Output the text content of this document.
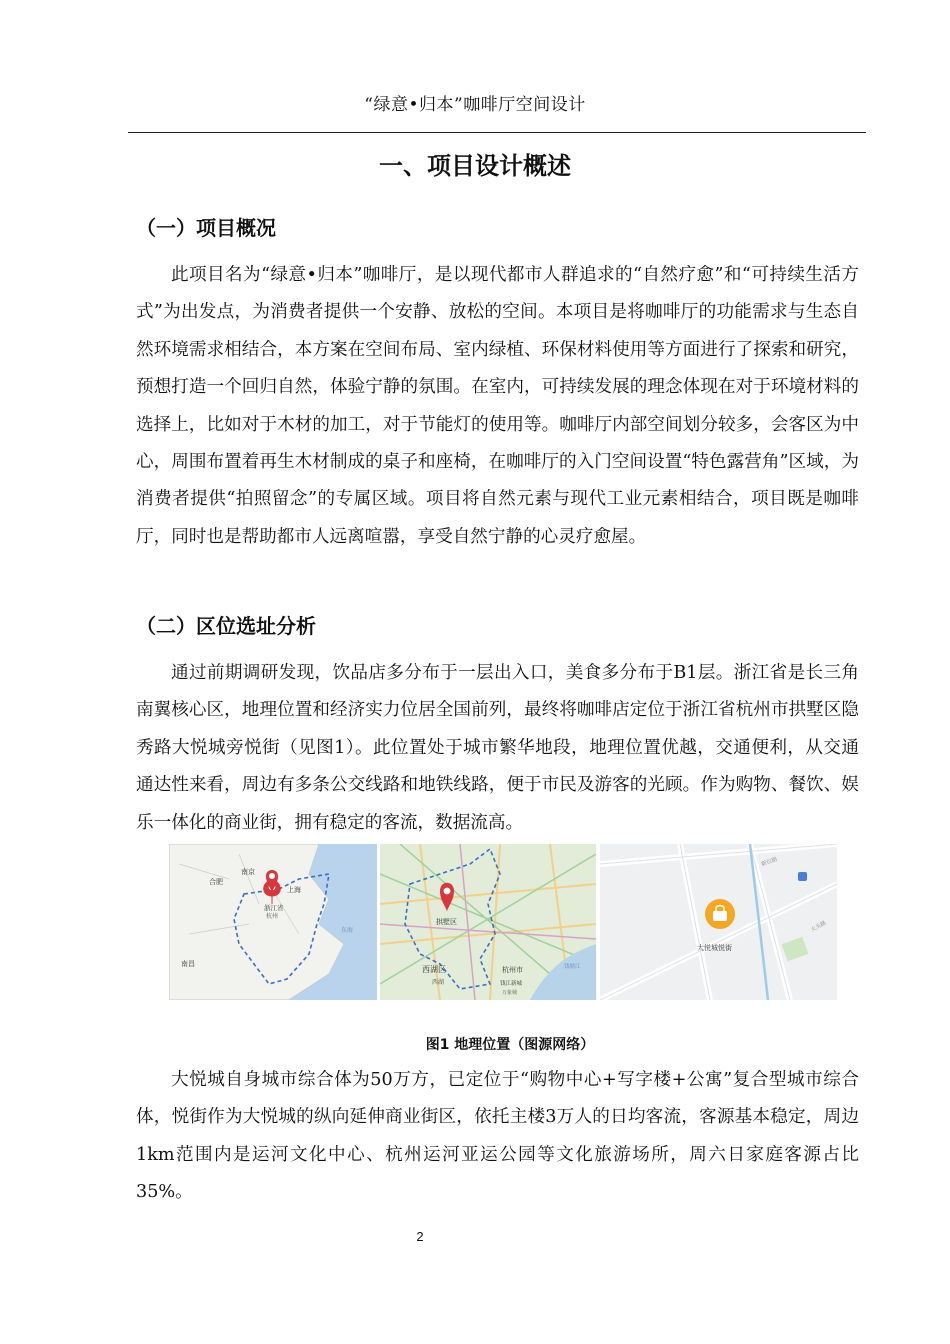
“绿意•归本”咖啡厅空间设计
一、项目设计概述
（一）项目概况

此项目名为“绿意•归本”咖啡厅，是以现代都市人群追求的“自然疗愈”和“可持续生活方式”为出发点，为消费者提供一个安静、放松的空间。本项目是将咖啡厅的功能需求与生态自然环境需求相结合，本方案在空间布局、室内绿植、环保材料使用等方面进行了探索和研究，预想打造一个回归自然，体验宁静的氛围。在室内，可持续发展的理念体现在对于环境材料的选择上，比如对于木材的加工，对于节能灯的使用等。咖啡厅内部空间划分较多，会客区为中心，周围布置着再生木材制成的桌子和座椅，在咖啡厅的入门空间设置“特色露营角”区域，为消费者提供“拍照留念”的专属区域。项目将自然元素与现代工业元素相结合，项目既是咖啡厅，同时也是帮助都市人远离喧嚣，享受自然宁静的心灵疗愈屋。

（二）区位选址分析

通过前期调研发现，饮品店多分布于一层出入口，美食多分布于B1层。浙江省是长三角南翼核心区，地理位置和经济实力位居全国前列，最终将咖啡店定位于浙江省杭州市拱墅区隐秀路大悦城旁悦街（见图1）。此位置处于城市繁华地段，地理位置优越，交通便利，从交通通达性来看，周边有多条公交线路和地铁线路，便于市民及游客的光顾。作为购物、餐饮、娱乐一体化的商业街，拥有稳定的客流，数据流高。

合肥
南京
上海
浙江省
杭州
东海
南昌
拱墅区
西湖区	杭州市
西湖	钱江新城
万象城
钱塘江
大悦城悦街
新位路
大关路
图1 地理位置（图源网络）

大悦城自身城市综合体为50万方，已定位于“购物中心+写字楼+公寓”复合型城市综合体，悦街作为大悦城的纵向延伸商业街区，依托主楼3万人的日均客流，客源基本稳定，周边1km范围内是运河文化中心、杭州运河亚运公园等文化旅游场所，周六日家庭客源占比35%。

2
